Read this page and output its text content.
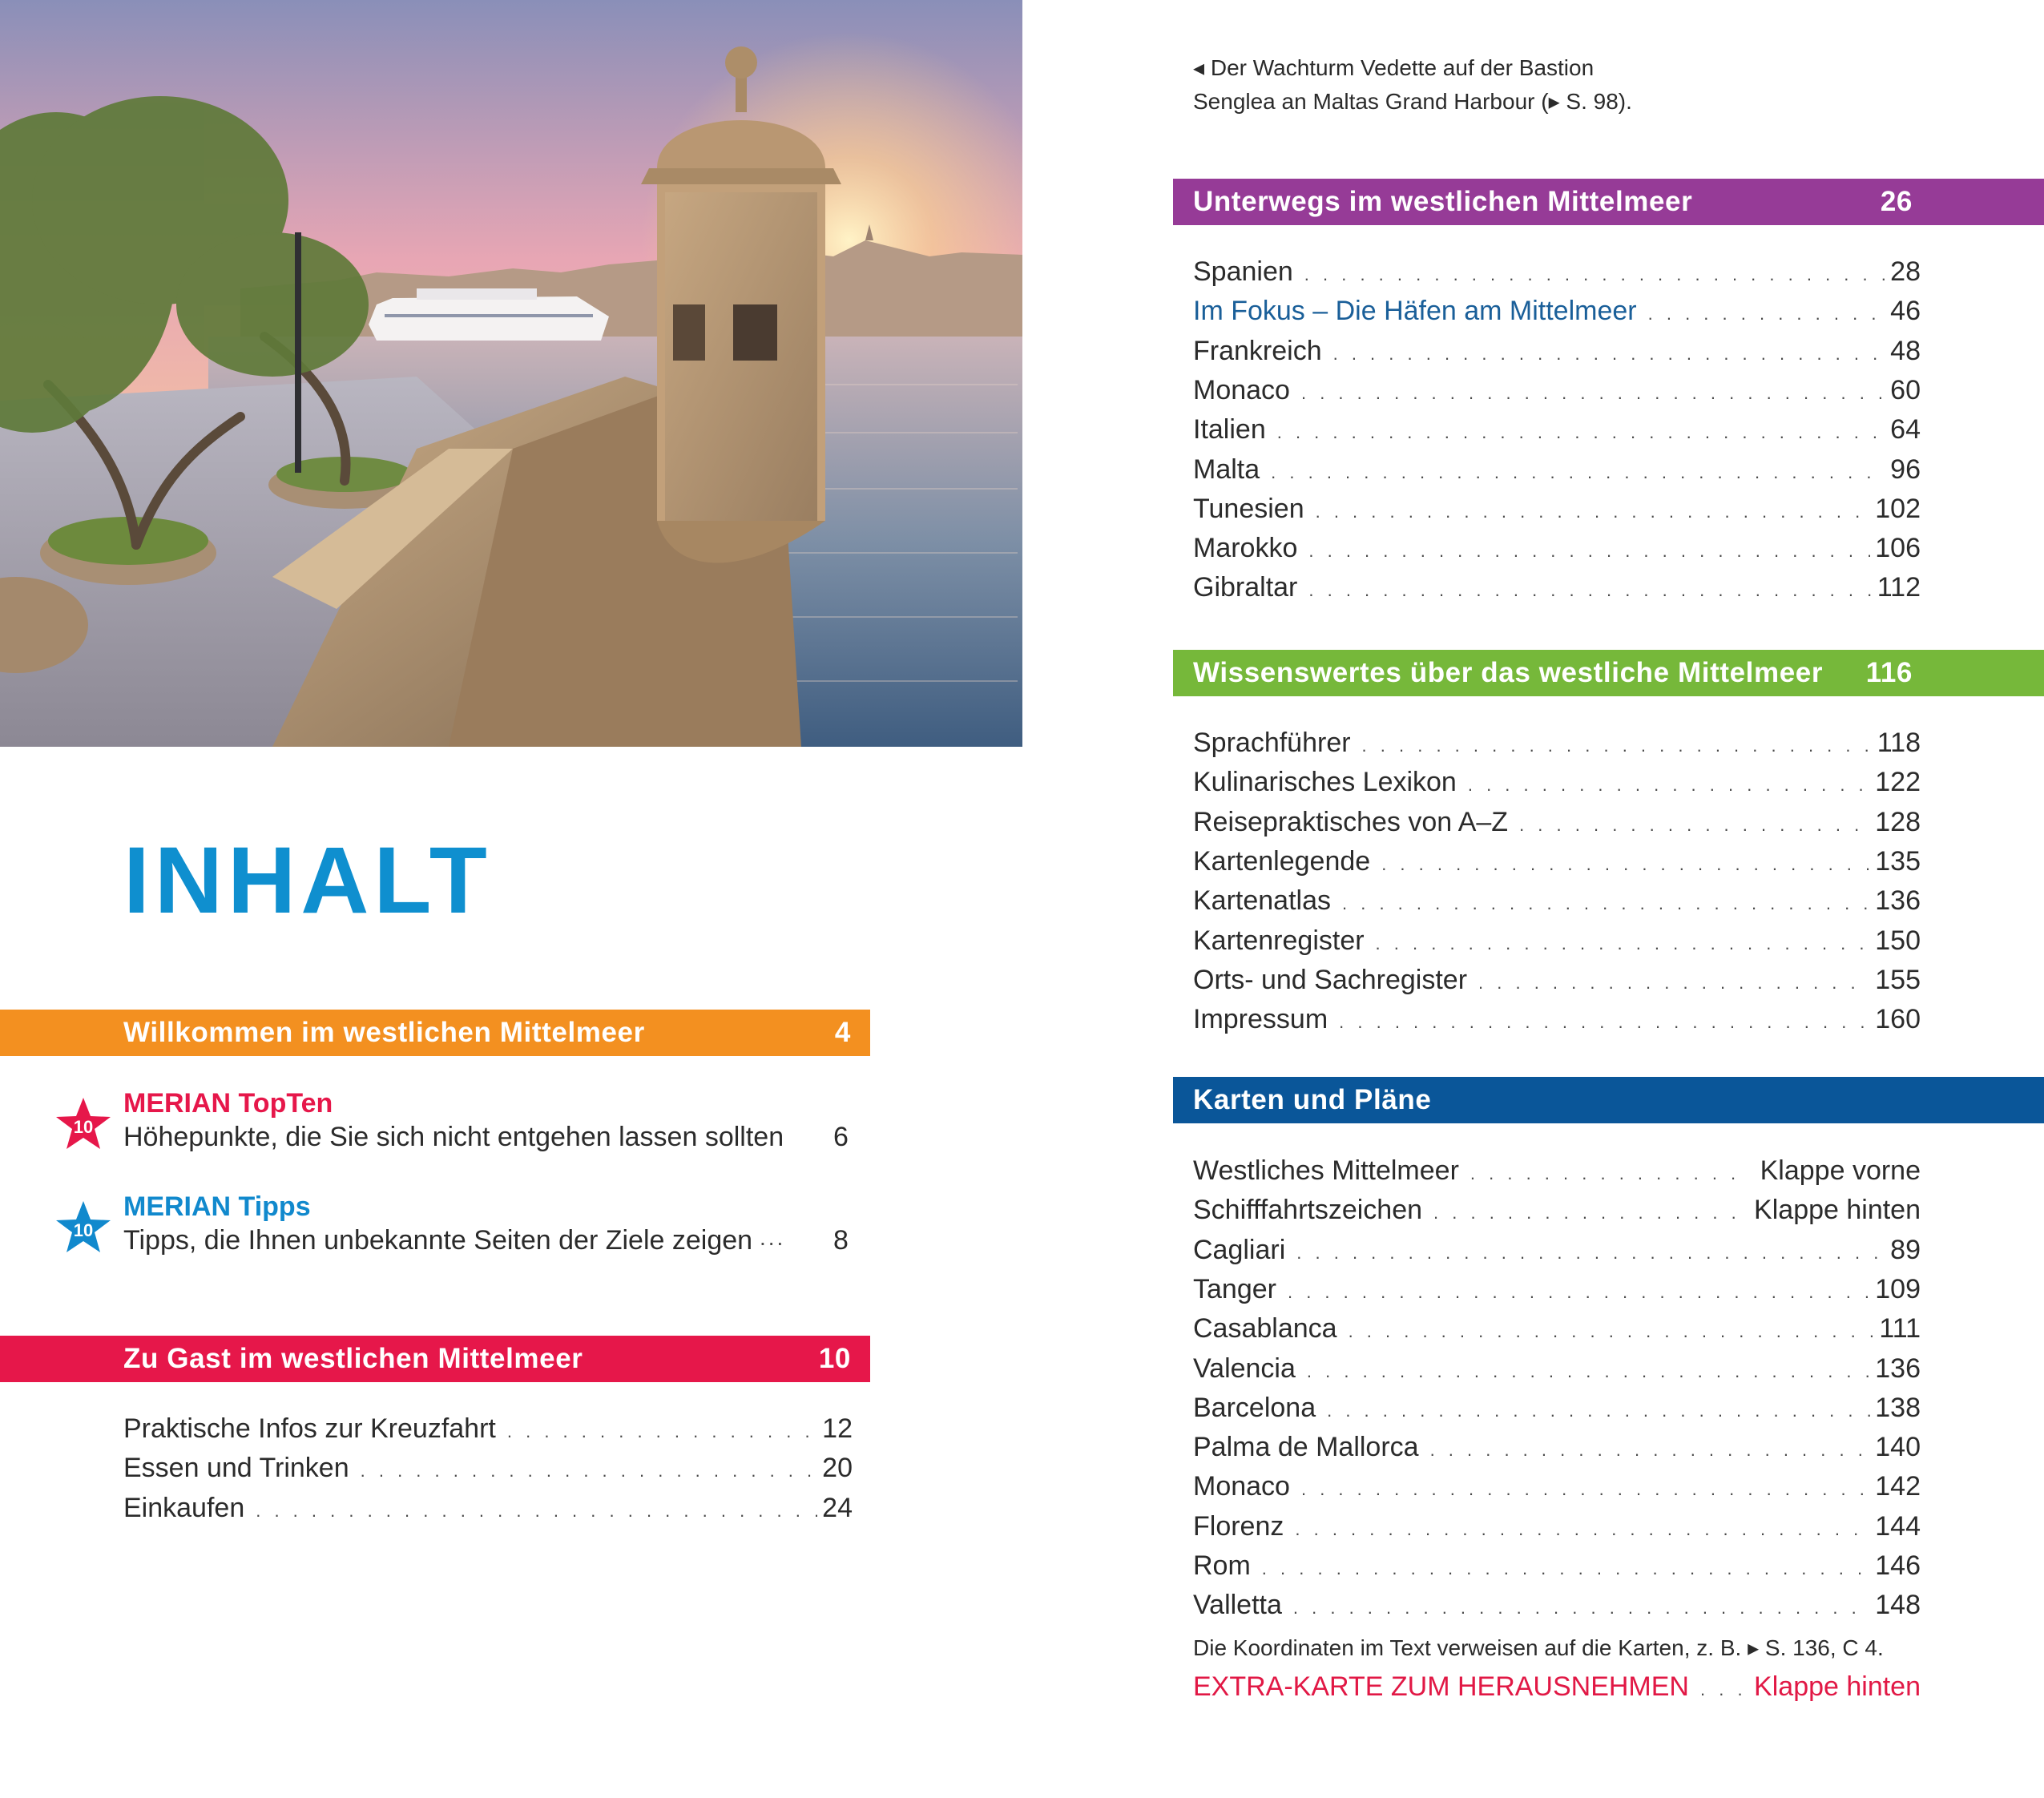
INHALT
Willkommen im westlichen Mittelmeer	4
10
MERIAN TopTen
Höhepunkte, die Sie sich nicht entgehen lassen sollten 6
10
MERIAN Tipps
Tipps, die Ihnen unbekannte Seiten der Ziele zeigen ... 8
Zu Gast im westlichen Mittelmeer	10
Praktische Infos zur Kreuzfahrt . . .	12
Essen und Trinken . . .	20
Einkaufen . . .	24
◂ Der Wachturm Vedette auf der Bastion
Senglea an Maltas Grand Harbour (▸ S. 98).
Unterwegs im westlichen Mittelmeer	26
Spanien . . .	28
Im Fokus – Die Häfen am Mittelmeer . . .	46
Frankreich . . .	48
Monaco . . .	60
Italien . . .	64
Malta . . .	96
Tunesien . . .	102
Marokko . . .	106
Gibraltar . . .	112
Wissenswertes über das westliche Mittelmeer 116
Sprachführer . . .	118
Kulinarisches Lexikon . . .	122
Reisepraktisches von A–Z . . .	128
Kartenlegende . . .	135
Kartenatlas . . .	136
Kartenregister . . .	150
Orts- und Sachregister . . .	155
Impressum . . .	160
Karten und Pläne
Westliches Mittelmeer . . .	Klappe vorne
Schifffahrtszeichen . . .	Klappe hinten
Cagliari . . .	89
Tanger . . .	109
Casablanca . . .	111
Valencia . . .	136
Barcelona . . .	138
Palma de Mallorca . . .	140
Monaco . . .	142
Florenz . . .	144
Rom . . .	146
Valletta . . .	148
Die Koordinaten im Text verweisen auf die Karten, z. B. ▸ S. 136, C 4.
EXTRA-KARTE ZUM HERAUSNEHMEN . . . Klappe hinten
